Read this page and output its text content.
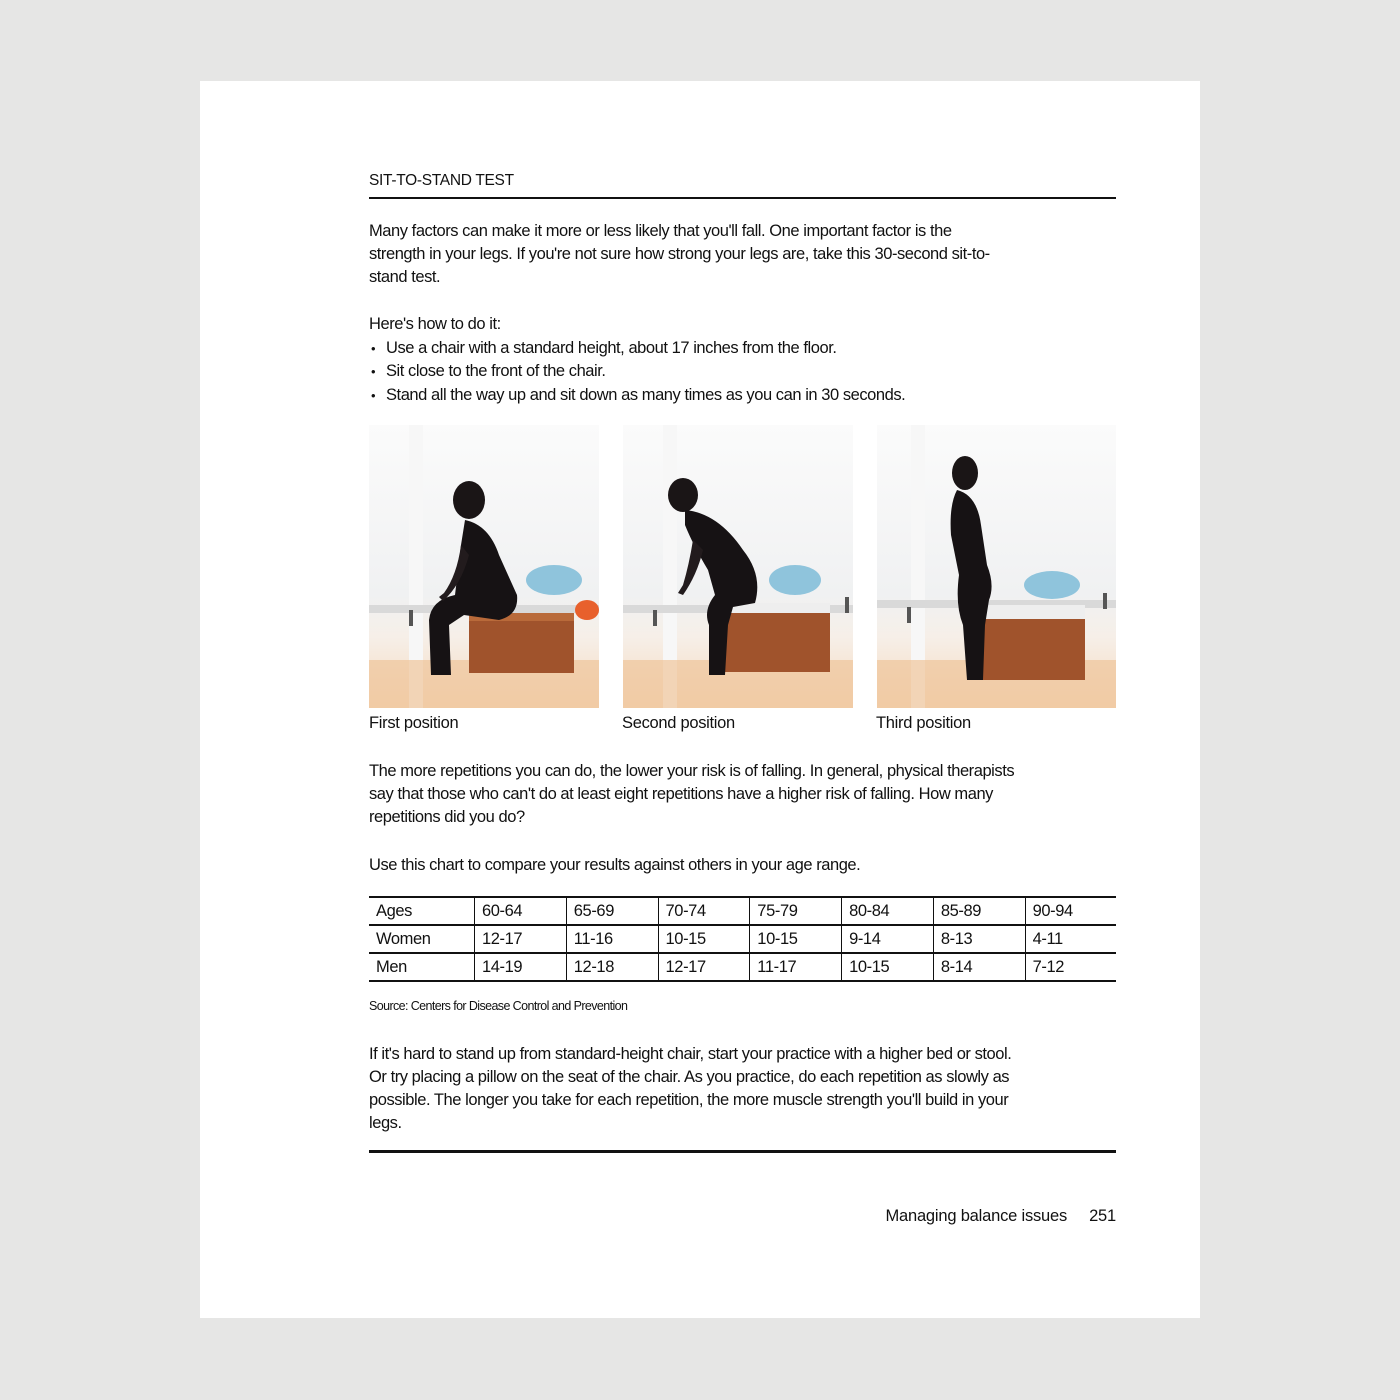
SIT-TO-STAND TEST
Many factors can make it more or less likely that you'll fall. One important factor is the strength in your legs. If you're not sure how strong your legs are, take this 30-second sit-to-stand test.
Here's how to do it:
• Use a chair with a standard height, about 17 inches from the floor.
• Sit close to the front of the chair.
• Stand all the way up and sit down as many times as you can in 30 seconds.
First position	Second position	Third position
The more repetitions you can do, the lower your risk is of falling. In general, physical therapists say that those who can't do at least eight repetitions have a higher risk of falling. How many repetitions did you do?
Use this chart to compare your results against others in your age range.
Ages	60-64	65-69	70-74	75-79	80-84	85-89	90-94
Women	12-17	11-16	10-15	10-15	9-14	8-13	4-11
Men	14-19	12-18	12-17	11-17	10-15	8-14	7-12
Source: Centers for Disease Control and Prevention
If it's hard to stand up from standard-height chair, start your practice with a higher bed or stool. Or try placing a pillow on the seat of the chair. As you practice, do each repetition as slowly as possible. The longer you take for each repetition, the more muscle strength you'll build in your legs.
Managing balance issues 251
